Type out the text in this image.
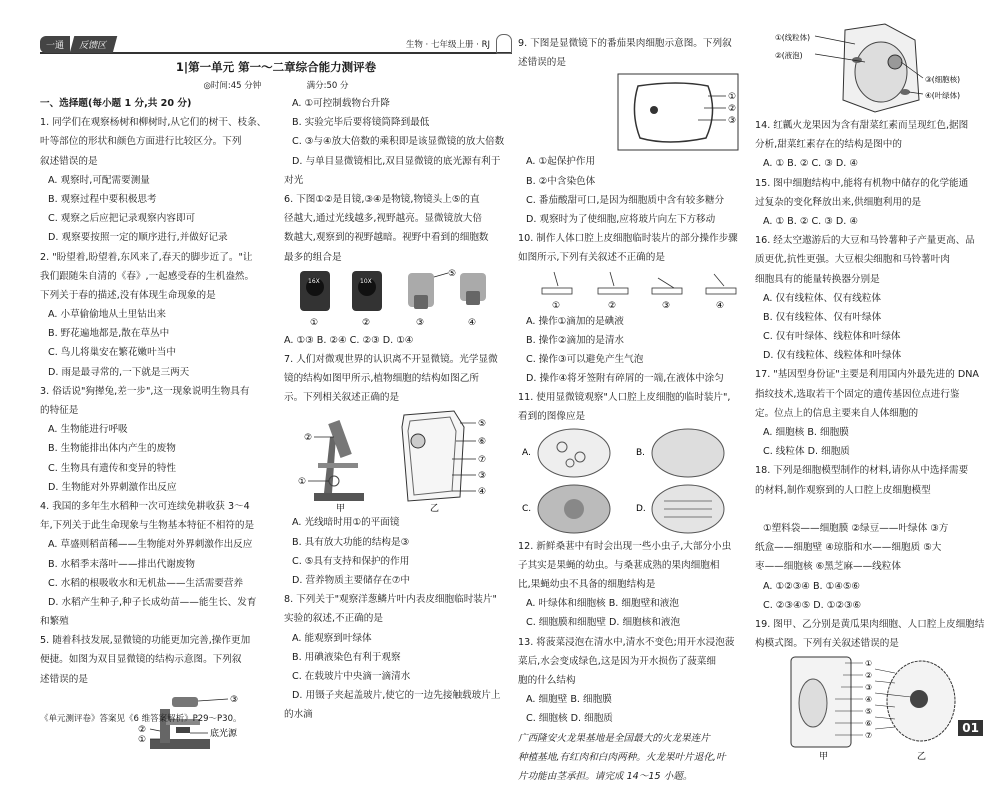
一通	反馈区	生物 · 七年级上册 · RJ
1|第一单元 第一～二章综合能力测评卷
◎时间:45 分钟	满分:50 分
一、选择题(每小题 1 分,共 20 分)
1. 同学们在观察杨树和柳树时,从它们的树干、枝条、
叶等部位的形状和颜色方面进行比较区分。下列
叙述错误的是
A. 观察时,可配需要测量
B. 观察过程中要积极思考
C. 观察之后应把记录观察内容即可
D. 观察要按照一定的顺序进行,并做好记录
2. "盼望着,盼望着,东风来了,春天的脚步近了。"让
我们跟随朱自清的《春》,一起感受春的生机盎然。
下列关于春的描述,没有体现生命现象的是
A. 小草偷偷地从土里钻出来
B. 野花遍地都是,散在草丛中
C. 鸟儿将巢安在繁花嫩叶当中
D. 雨是最寻常的,一下就是三两天
3. 俗话说"狗撵兔,差一步",这一现象说明生物具有
的特征是
A. 生物能进行呼吸
B. 生物能排出体内产生的废物
C. 生物具有遗传和变异的特性
D. 生物能对外界刺激作出反应
4. 我国的多年生水稻种一次可连续免耕收获 3～4
年,下列关于此生命现象与生物基本特征不相符的是
A. 草盛则稻苗稀——生物能对外界刺激作出反应
B. 水稻季末落叶——排出代谢废物
C. 水稻的根吸收水和无机盐——生活需要营养
D. 水稻产生种子,种子长成幼苗——能生长、发育
和繁殖
5. 随着科技发展,显微镜的功能更加完善,操作更加
便捷。如图为双目显微镜的结构示意图。下列叙
述错误的是
③
②
①
底光源
《单元测评卷》答案见《6 维答案解析》P29～P30。
A. ①可控制载物台升降
B. 实验完毕后要将镜筒降到最低
C. ③与④放大倍数的乘积即是该显微镜的放大倍数
D. 与单目显微镜相比,双目显微镜的底光源有利于
对光
6. 下图①②是目镜,③④是物镜,物镜头上⑤的直
径越大,通过光线越多,视野越亮。显微镜放大倍
数越大,观察到的视野越暗。视野中看到的细胞数
最多的组合是
16X	10X
⑤
①	②	③	④
A. ①③ B. ②④ C. ②③ D. ①④
7. 人们对微观世界的认识离不开显微镜。光学显微
镜的结构如图甲所示,植物细胞的结构如图乙所
示。下列相关叙述正确的是
②
①
甲
⑤
⑥
⑦
③
④
乙
A. 光线暗时用①的平面镜
B. 具有放大功能的结构是③
C. ⑤具有支持和保护的作用
D. 营养物质主要储存在⑦中
8. 下列关于"观察洋葱鳞片叶内表皮细胞临时装片"
实验的叙述,不正确的是
A. 能观察到叶绿体
B. 用碘液染色有利于观察
C. 在载玻片中央滴一滴清水
D. 用镊子夹起盖玻片,使它的一边先接触载玻片上
的水滴
9. 下图是显微镜下的番茄果肉细胞示意图。下列叙
述错误的是
①
②
③
A. ①起保护作用
B. ②中含染色体
C. 番茄酸甜可口,是因为细胞质中含有较多糖分
D. 观察时为了使细胞,应将玻片向左下方移动
10. 制作人体口腔上皮细胞临时装片的部分操作步骤
如图所示,下列有关叙述不正确的是
①	②	③	④
A. 操作①滴加的是碘液
B. 操作②滴加的是清水
C. 操作③可以避免产生气泡
D. 操作④将牙签附有碎屑的一端,在液体中涂匀
11. 使用显微镜观察"人口腔上皮细胞的临时装片",
看到的图像应是
A.	B.
C.	D.
12. 新鲜桑葚中有时会出现一些小虫子,大部分小虫
子其实是果蝇的幼虫。与桑葚成熟的果肉细胞相
比,果蝇幼虫不具备的细胞结构是
A. 叶绿体和细胞核 B. 细胞壁和液泡
C. 细胞膜和细胞壁 D. 细胞核和液泡
13. 将菠菜浸泡在清水中,清水不变色;用开水浸泡菠
菜后,水会变成绿色,这是因为开水损伤了菠菜细
胞的什么结构
A. 细胞壁 B. 细胞膜
C. 细胞核 D. 细胞质
广西隆安火龙果基地是全国最大的火龙果连片
种植基地,有红肉和白肉两种。火龙果叶片退化,叶
片功能由茎承担。请完成 14～15 小题。
①(线粒体)
②(液泡)
③(细胞核)
④(叶绿体)
14. 红瓤火龙果因为含有甜菜红素而呈现红色,据图
分析,甜菜红素存在的结构是图中的
A. ① B. ② C. ③ D. ④
15. 图中细胞结构中,能将有机物中储存的化学能通
过复杂的变化释放出来,供细胞利用的是
A. ① B. ② C. ③ D. ④
16. 经太空遨游后的大豆和马铃薯种子产量更高、品
质更优,抗性更强。大豆根尖细胞和马铃薯叶肉
细胞具有的能量转换器分别是
A. 仅有线粒体、仅有线粒体
B. 仅有线粒体、仅有叶绿体
C. 仅有叶绿体、线粒体和叶绿体
D. 仅有线粒体、线粒体和叶绿体
17. "基因型身份证"主要是利用国内外最先进的 DNA
指纹技术,选取若干个固定的遗传基因位点进行鉴
定。位点上的信息主要来自人体细胞的
A. 细胞核 B. 细胞膜
C. 线粒体 D. 细胞质
18. 下列是细胞模型制作的材料,请你从中选择需要
的材料,制作观察到的人口腔上皮细胞模型
①塑料袋——细胞膜 ②绿豆——叶绿体 ③方
纸盒——细胞壁 ④琼脂和水——细胞质 ⑤大
枣——细胞核 ⑥黑芝麻——线粒体
A. ①②③④ B. ①④⑤⑥
C. ②③④⑤ D. ①②③⑥
19. 图甲、乙分别是黄瓜果肉细胞、人口腔上皮细胞结
构模式图。下列有关叙述错误的是
①
②
③
④
⑤
⑥
⑦
甲	乙
01
